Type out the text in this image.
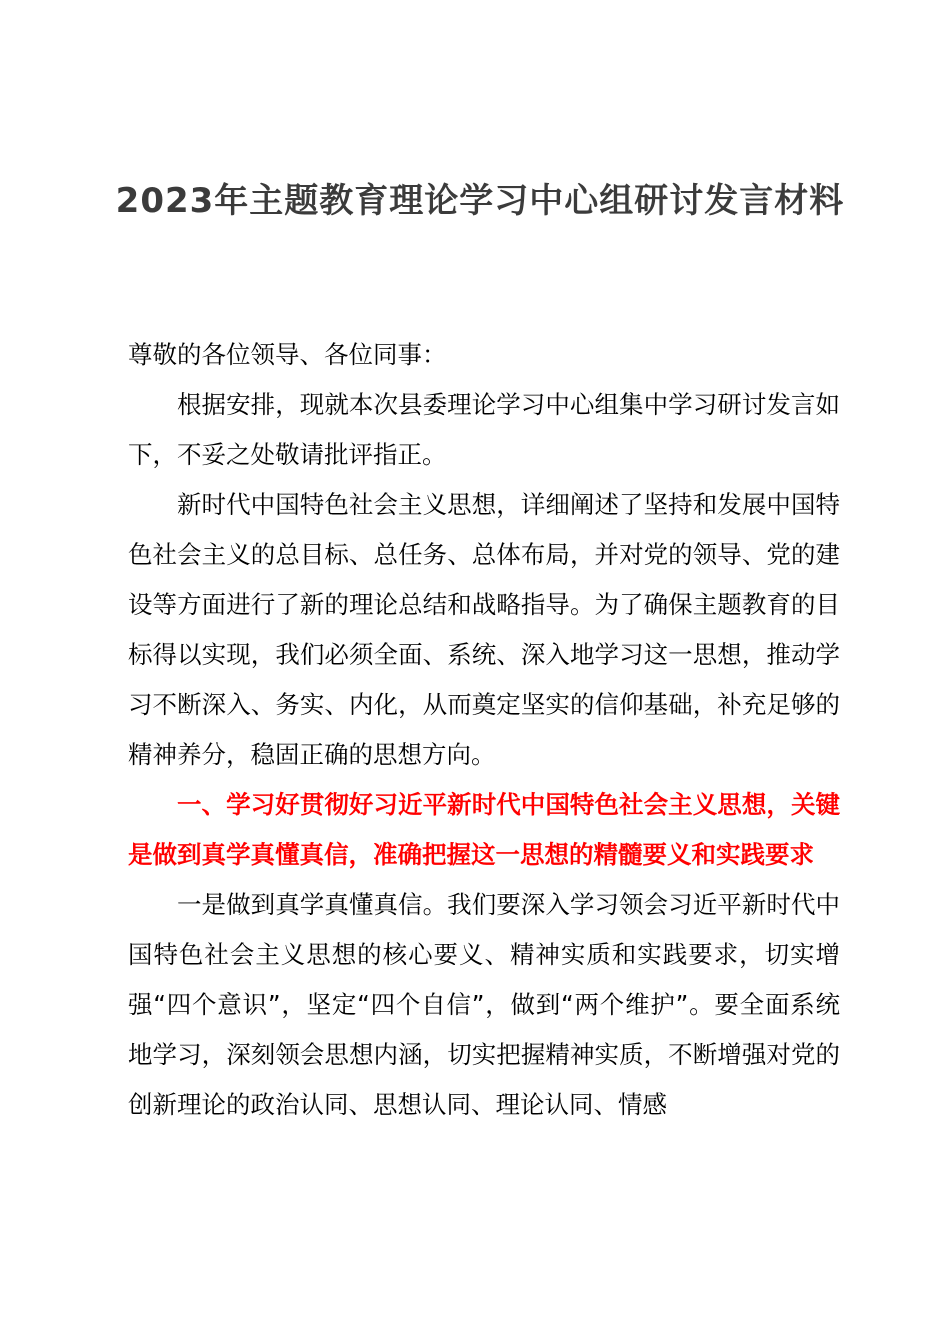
2023年主题教育理论学习中心组研讨发言材料

尊敬的各位领导、各位同事：

根据安排，现就本次县委理论学习中心组集中学习研讨发言如下，不妥之处敬请批评指正。

新时代中国特色社会主义思想，详细阐述了坚持和发展中国特色社会主义的总目标、总任务、总体布局，并对党的领导、党的建设等方面进行了新的理论总结和战略指导。为了确保主题教育的目标得以实现，我们必须全面、系统、深入地学习这一思想，推动学习不断深入、务实、内化，从而奠定坚实的信仰基础，补充足够的精神养分，稳固正确的思想方向。

一、学习好贯彻好习近平新时代中国特色社会主义思想，关键是做到真学真懂真信，准确把握这一思想的精髓要义和实践要求

一是做到真学真懂真信。我们要深入学习领会习近平新时代中国特色社会主义思想的核心要义、精神实质和实践要求，切实增强“四个意识”，坚定“四个自信”，做到“两个维护”。要全面系统地学习，深刻领会思想内涵，切实把握精神实质，不断增强对党的创新理论的政治认同、思想认同、理论认同、情感
